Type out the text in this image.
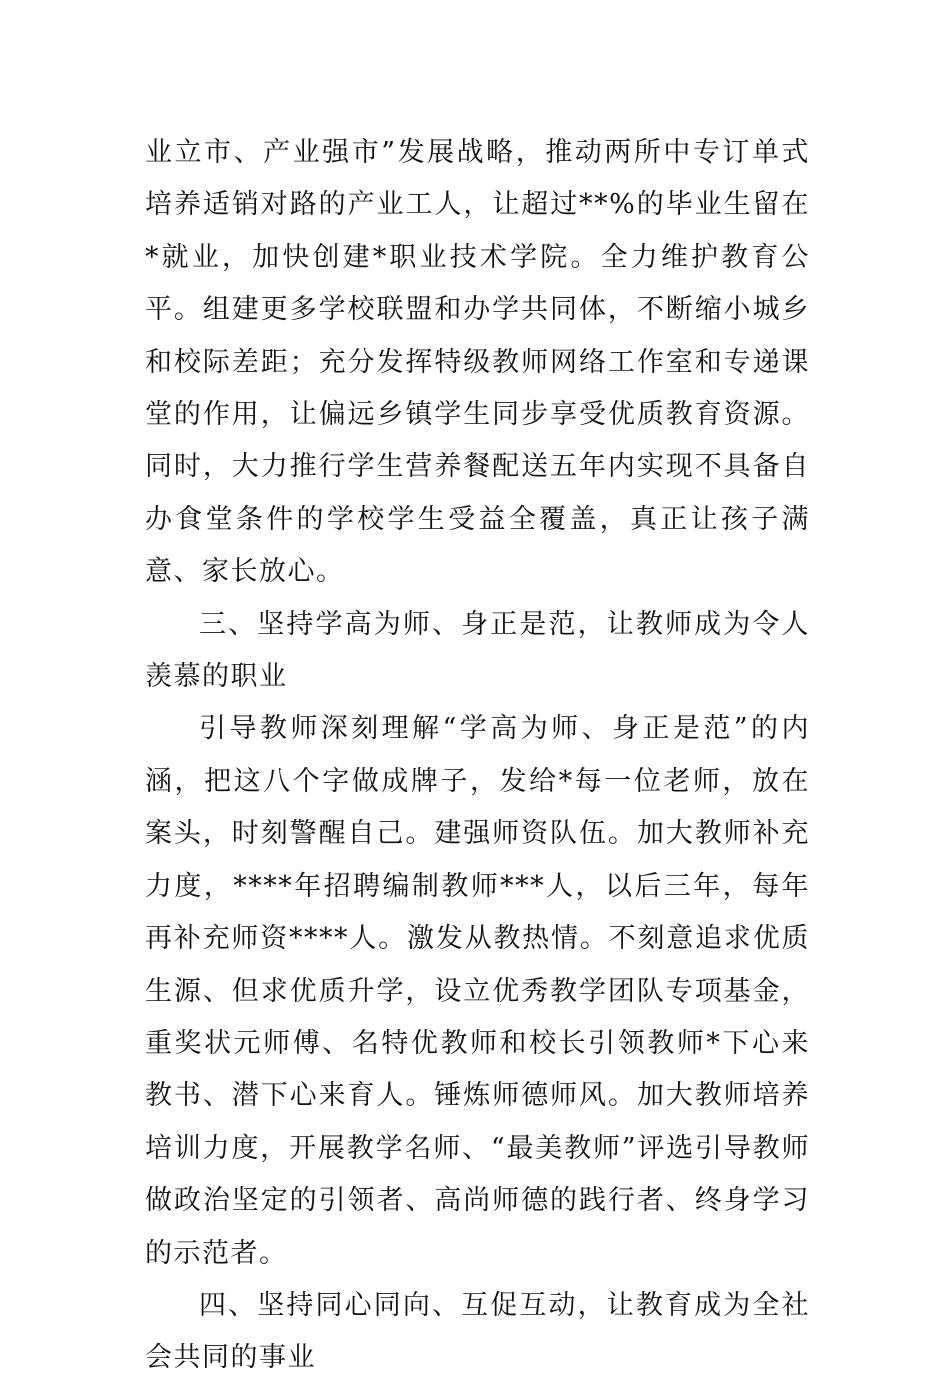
业立市、产业强市”发展战略，推动两所中专订单式培养适销对路的产业工人，让超过**%的毕业生留在*就业，加快创建*职业技术学院。全力维护教育公平。组建更多学校联盟和办学共同体，不断缩小城乡和校际差距；充分发挥特级教师网络工作室和专递课堂的作用，让偏远乡镇学生同步享受优质教育资源。同时，大力推行学生营养餐配送五年内实现不具备自办食堂条件的学校学生受益全覆盖，真正让孩子满意、家长放心。

三、坚持学高为师、身正是范，让教师成为令人羡慕的职业

引导教师深刻理解“学高为师、身正是范”的内涵，把这八个字做成牌子，发给*每一位老师，放在案头，时刻警醒自己。建强师资队伍。加大教师补充力度，****年招聘编制教师***人，以后三年，每年再补充师资****人。激发从教热情。不刻意追求优质生源、但求优质升学，设立优秀教学团队专项基金，重奖状元师傅、名特优教师和校长引领教师*下心来教书、潜下心来育人。锤炼师德师风。加大教师培养培训力度，开展教学名师、“最美教师”评选引导教师做政治坚定的引领者、高尚师德的践行者、终身学习的示范者。

四、坚持同心同向、互促互动，让教育成为全社会共同的事业
